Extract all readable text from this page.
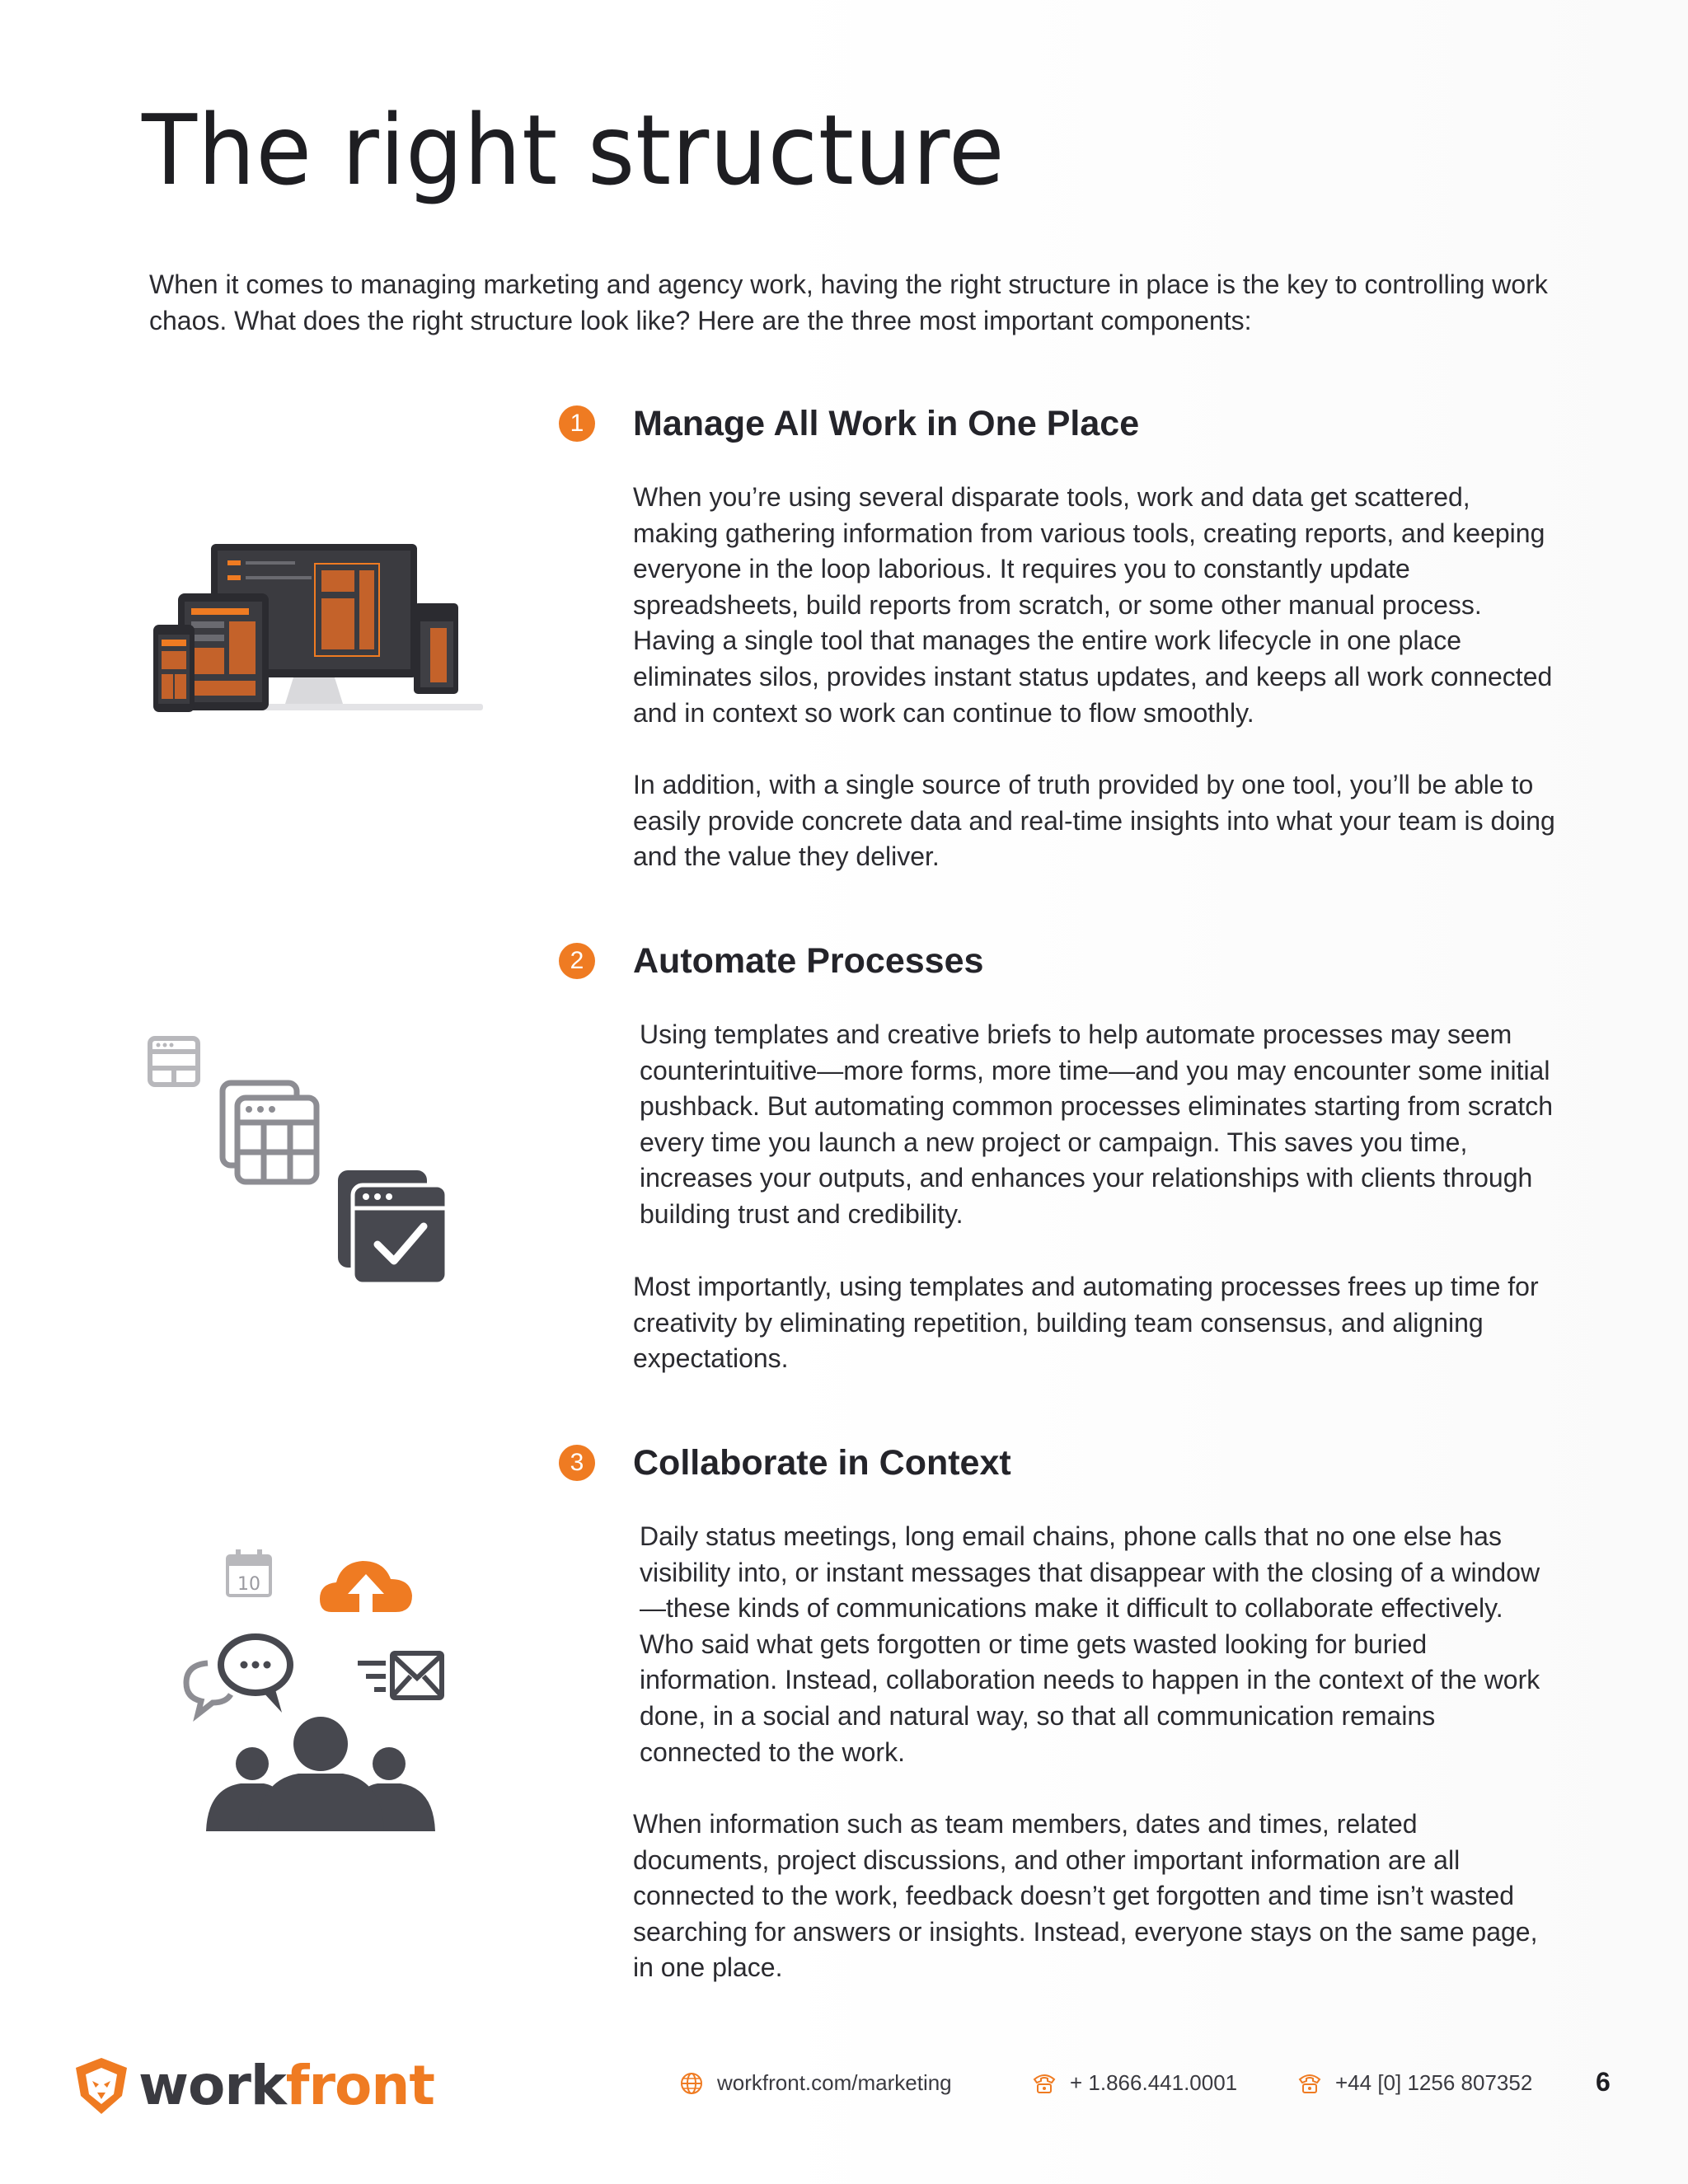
The right structure

When it comes to managing marketing and agency work, having the right structure in place is the key to controlling work chaos. What does the right structure look like? Here are the three most important components:

1	Manage All Work in One Place

When you’re using several disparate tools, work and data get scattered, making gathering information from various tools, creating reports, and keeping everyone in the loop laborious. It requires you to constantly update spreadsheets, build reports from scratch, or some other manual process. Having a single tool that manages the entire work lifecycle in one place eliminates silos, provides instant status updates, and keeps all work connected and in context so work can continue to flow smoothly.

In addition, with a single source of truth provided by one tool, you’ll be able to easily provide concrete data and real-time insights into what your team is doing and the value they deliver.

2	Automate Processes

Using templates and creative briefs to help automate processes may seem counterintuitive—more forms, more time—and you may encounter some initial pushback. But automating common processes eliminates starting from scratch every time you launch a new project or campaign. This saves you time, increases your outputs, and enhances your relationships with clients through building trust and credibility.

Most importantly, using templates and automating processes frees up time for creativity by eliminating repetition, building team consensus, and aligning expectations.

3	Collaborate in Context

Daily status meetings, long email chains, phone calls that no one else has visibility into, or instant messages that disappear with the closing of a window—these kinds of communications make it difficult to collaborate effectively. Who said what gets forgotten or time gets wasted looking for buried information. Instead, collaboration needs to happen in the context of the work done, in a social and natural way, so that all communication remains connected to the work.

When information such as team members, dates and times, related documents, project discussions, and other important information are all connected to the work, feedback doesn’t get forgotten and time isn’t wasted searching for answers or insights. Instead, everyone stays on the same page, in one place.

10
workfront	workfront.com/marketing	+ 1.866.441.0001	+44 [0] 1256 807352 6
